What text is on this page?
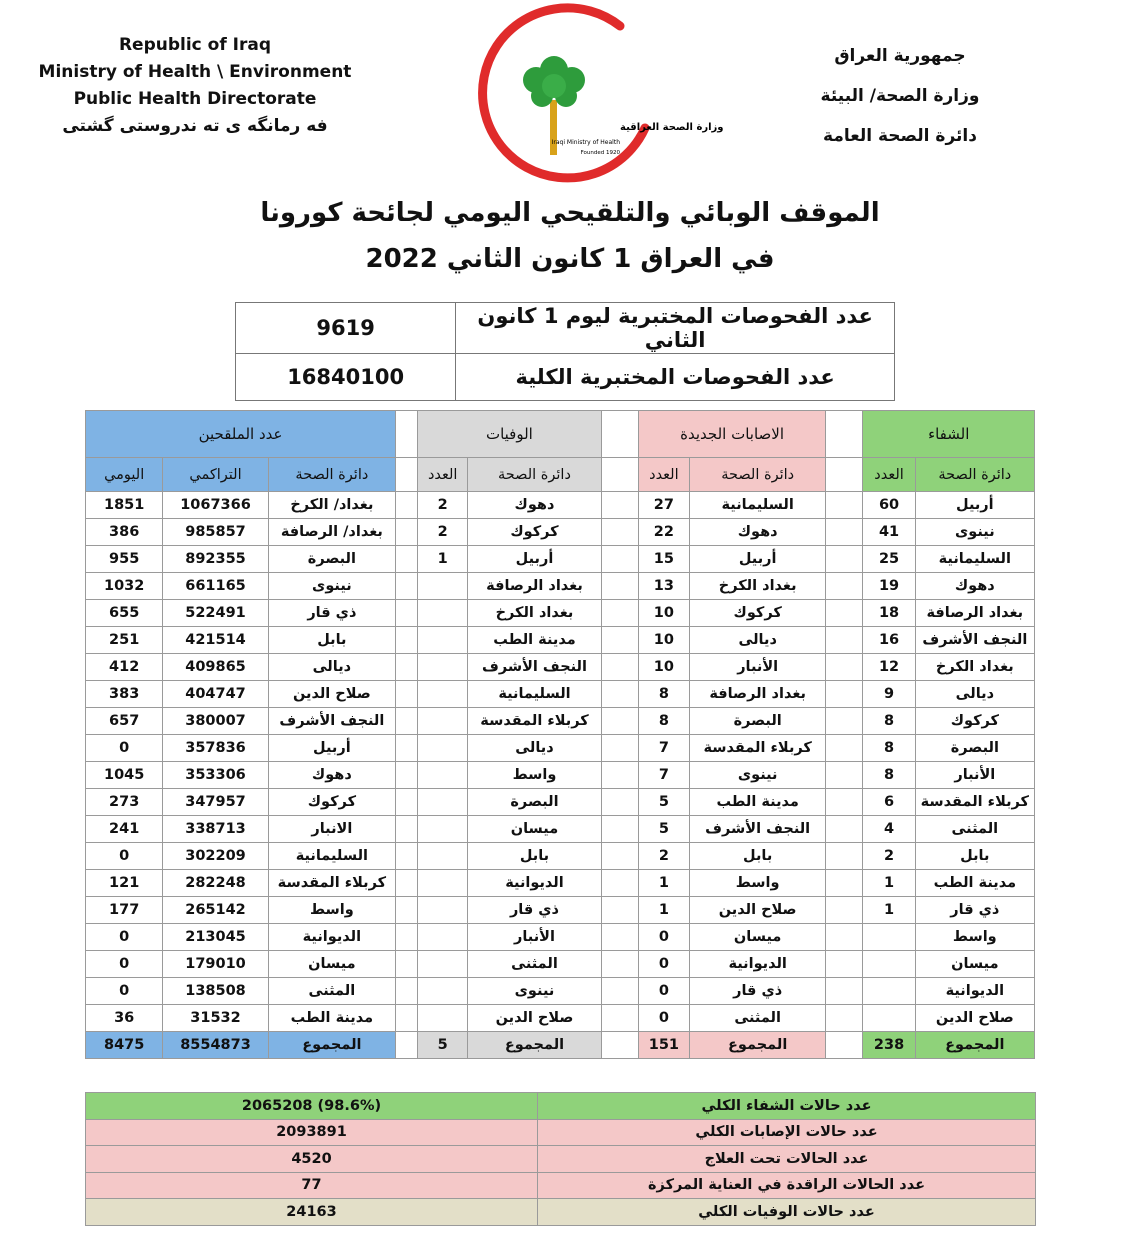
Republic of Iraq
Ministry of Health \ Environment
Public Health Directorate
فه رمانگه ى ته ندروستى گشتى
جمهورية العراق
وزارة الصحة/ البيئة
دائرة الصحة العامة
وزارة الصحة العراقية
Iraqi Ministry of Health
Founded 1920
الموقف الوبائي والتلقيحي اليومي لجائحة كورونا
في العراق 1 كانون الثاني 2022
9619	عدد الفحوصات المختبرية ليوم 1 كانون الثاني
16840100	عدد الفحوصات المختبرية الكلية
الشفاء			الاصابات الجديدة			الوفيات			عدد الملقحين		
دائرة الصحة	العدد		دائرة الصحة	العدد		دائرة الصحة	العدد		دائرة الصحة	التراكمي	اليومي
أربيل	60		السليمانية	27		دهوك	2		بغداد/ الكرخ	1067366	1851
نينوى	41		دهوك	22		كركوك	2		بغداد/ الرصافة	985857	386
السليمانية	25		أربيل	15		أربيل	1		البصرة	892355	955
دهوك	19		بغداد الكرخ	13		بغداد الرصافة			نينوى	661165	1032
بغداد الرصافة	18		كركوك	10		بغداد الكرخ			ذي قار	522491	655
النجف الأشرف	16		ديالى	10		مدينة الطب			بابل	421514	251
بغداد الكرخ	12		الأنبار	10		النجف الأشرف			ديالى	409865	412
ديالى	9		بغداد الرصافة	8		السليمانية			صلاح الدين	404747	383
كركوك	8		البصرة	8		كربلاء المقدسة			النجف الأشرف	380007	657
البصرة	8		كربلاء المقدسة	7		ديالى			أربيل	357836	0
الأنبار	8		نينوى	7		واسط			دهوك	353306	1045
كربلاء المقدسة	6		مدينة الطب	5		البصرة			كركوك	347957	273
المثنى	4		النجف الأشرف	5		ميسان			الانبار	338713	241
بابل	2		بابل	2		بابل			السليمانية	302209	0
مدينة الطب	1		واسط	1		الديوانية			كربلاء المقدسة	282248	121
ذي قار	1		صلاح الدين	1		ذي قار			واسط	265142	177
واسط			ميسان	0		الأنبار			الديوانية	213045	0
ميسان			الديوانية	0		المثنى			ميسان	179010	0
الديوانية			ذي قار	0		نينوى			المثنى	138508	0
صلاح الدين			المثنى	0		صلاح الدين			مدينة الطب	31532	36
المجموع	238		المجموع	151		المجموع	5		المجموع	8554873	8475
عدد حالات الشفاء الكلي	2065208 (98.6%)
عدد حالات الإصابات الكلي	2093891
عدد الحالات تحت العلاج	4520
عدد الحالات الراقدة في العناية المركزة	77
عدد حالات الوفيات الكلي	24163
